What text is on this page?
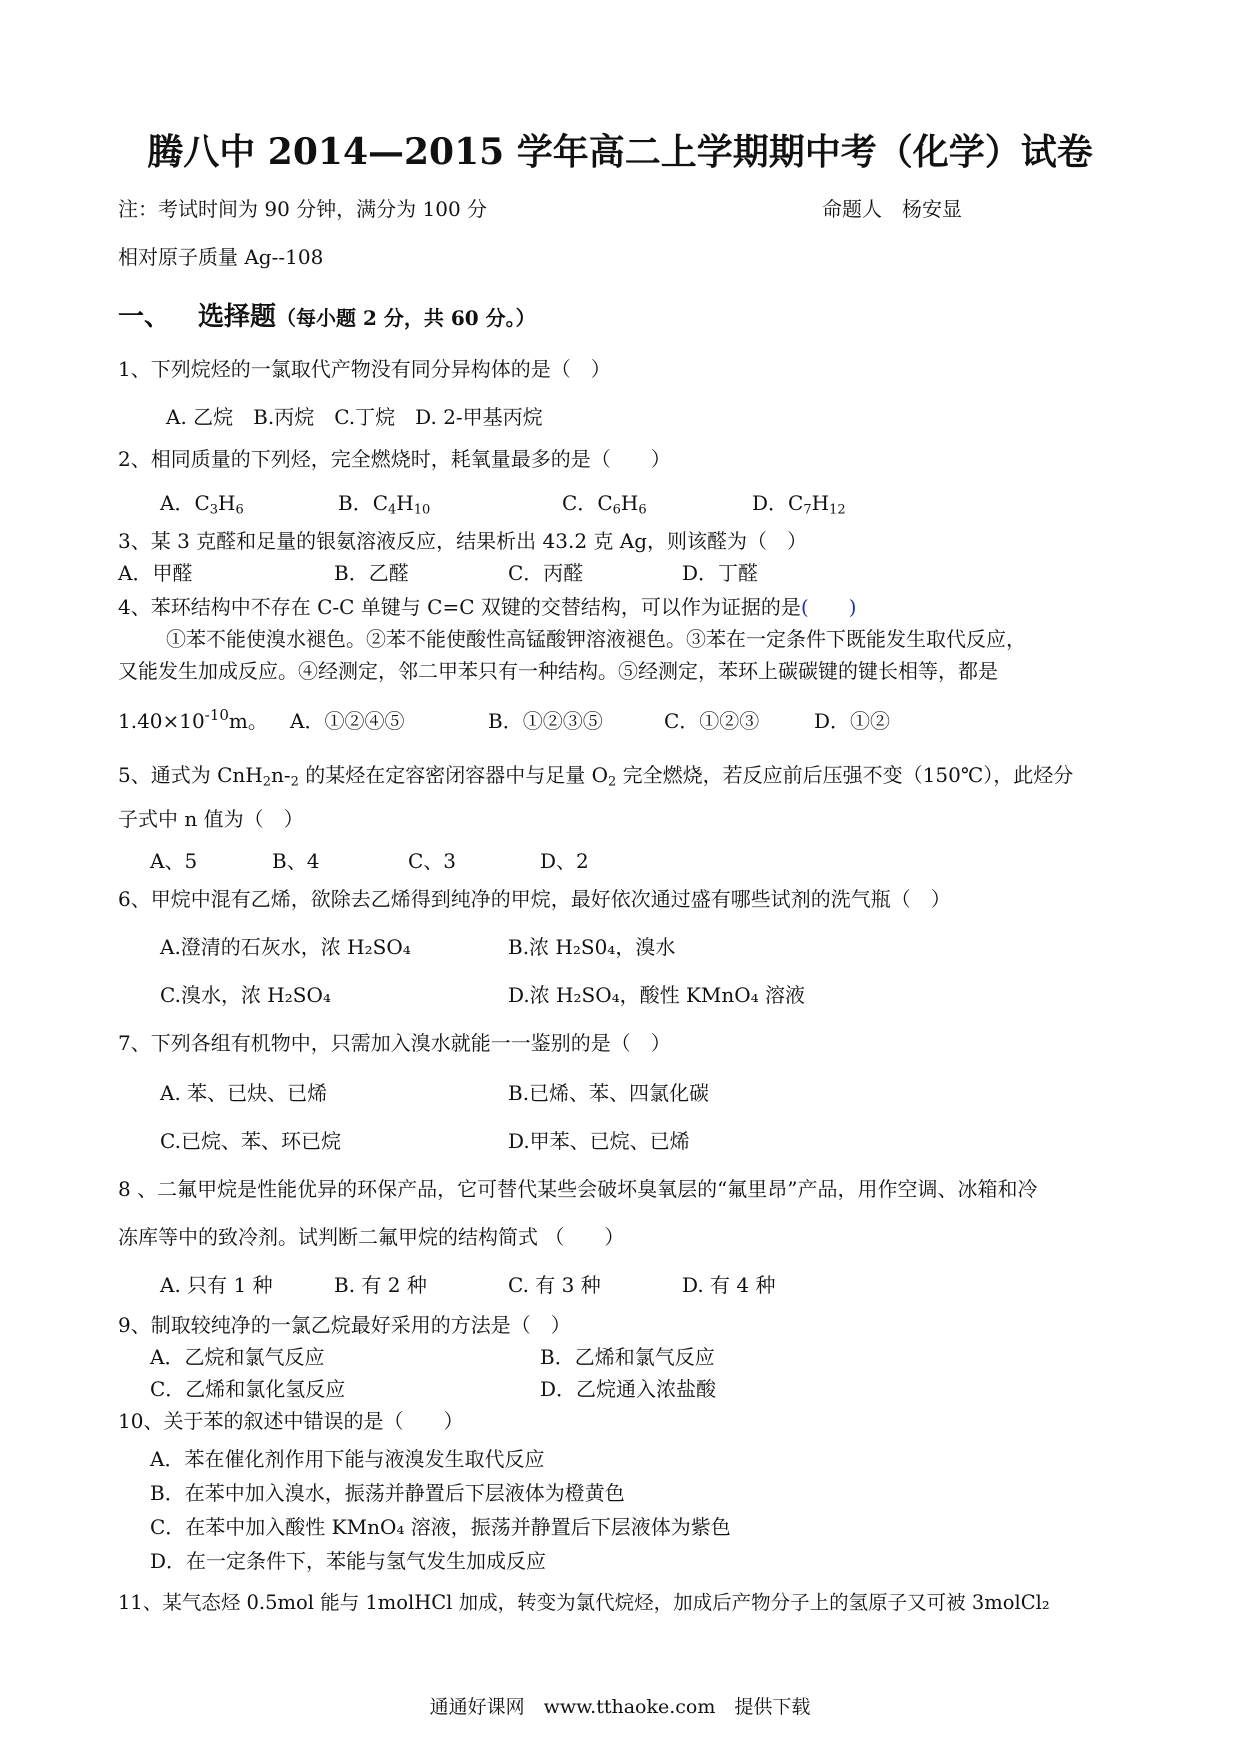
腾八中 2014—2015 学年高二上学期期中考（化学）试卷
注：考试时间为 90 分钟，满分为 100 分	命题人　杨安显
相对原子质量 Ag--108
一、 选择题（每小题 2 分，共 60 分。）
1、下列烷烃的一氯取代产物没有同分异构体的是（　）
A. 乙烷　B.丙烷　C.丁烷　D. 2-甲基丙烷
2、相同质量的下列烃，完全燃烧时，耗氧量最多的是（　　）
A．$C_3H_6$	B．$C_4H_{10}$	C．$C_6H_6$	D．$C_7H_{12}$
3、某 3 克醛和足量的银氨溶液反应，结果析出 43.2 克 Ag，则该醛为（　）
A．甲醛	B．乙醛	C．丙醛	D．丁醛
4、苯环结构中不存在 C-C 单键与 C=C 双键的交替结构，可以作为证据的是(　　)
①苯不能使溴水褪色。②苯不能使酸性高锰酸钾溶液褪色。③苯在一定条件下既能发生取代反应，
又能发生加成反应。④经测定，邻二甲苯只有一种结构。⑤经测定，苯环上碳碳键的键长相等，都是
$1.40\times 10^{-10}m$。 A．①②④⑤	B．①②③⑤	C．①②③	D．①②
5、通式为 $CnH_2n-_2$ 的某烃在定容密闭容器中与足量 $O_2$ 完全燃烧，若反应前后压强不变（150℃），此烃分
子式中 n 值为（　）
A、5	B、4	C、3	D、2
6、甲烷中混有乙烯，欲除去乙烯得到纯净的甲烷，最好依次通过盛有哪些试剂的洗气瓶（　）
A.澄清的石灰水，浓 H₂SO₄	B.浓 H₂S0₄，溴水
C.溴水，浓 H₂SO₄	D.浓 H₂SO₄，酸性 KMnO₄ 溶液
7、下列各组有机物中，只需加入溴水就能一一鉴别的是（　）
A. 苯、已炔、已烯	B.已烯、苯、四氯化碳
C.已烷、苯、环已烷	D.甲苯、已烷、已烯
8 、二氟甲烷是性能优异的环保产品，它可替代某些会破坏臭氧层的“氟里昂”产品，用作空调、冰箱和冷
冻库等中的致冷剂。试判断二氟甲烷的结构简式 （　　）
A. 只有 1 种	B. 有 2 种	C. 有 3 种	D. 有 4 种
9、制取较纯净的一氯乙烷最好采用的方法是（　）
A．乙烷和氯气反应	B．乙烯和氯气反应
C．乙烯和氯化氢反应	D．乙烷通入浓盐酸
10、关于苯的叙述中错误的是（　　）
A．苯在催化剂作用下能与液溴发生取代反应
B．在苯中加入溴水，振荡并静置后下层液体为橙黄色
C．在苯中加入酸性 KMnO₄ 溶液，振荡并静置后下层液体为紫色
D．在一定条件下，苯能与氢气发生加成反应
11、某气态烃 0.5mol 能与 1molHCl 加成，转变为氯代烷烃，加成后产物分子上的氢原子又可被 3molCl₂
通通好课网　www.tthaoke.com　提供下载
